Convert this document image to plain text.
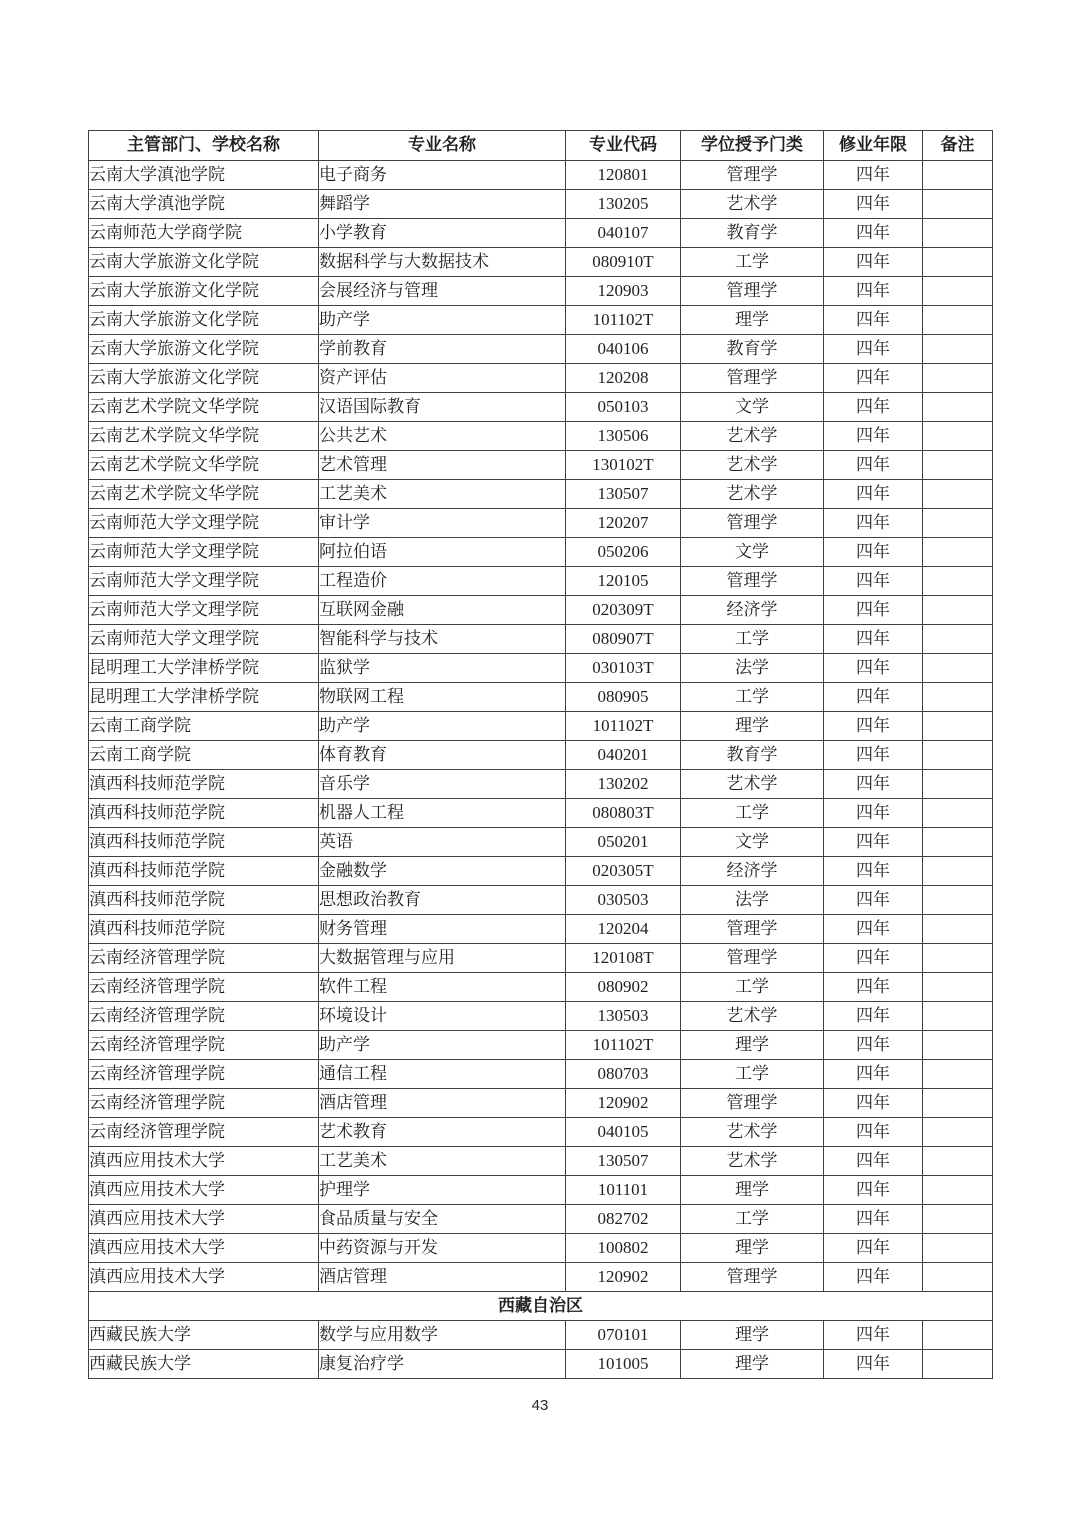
主管部门、学校名称	专业名称	专业代码	学位授予门类	修业年限	备注
云南大学滇池学院	电子商务	120801	管理学	四年	
云南大学滇池学院	舞蹈学	130205	艺术学	四年	
云南师范大学商学院	小学教育	040107	教育学	四年	
云南大学旅游文化学院	数据科学与大数据技术	080910T	工学	四年	
云南大学旅游文化学院	会展经济与管理	120903	管理学	四年	
云南大学旅游文化学院	助产学	101102T	理学	四年	
云南大学旅游文化学院	学前教育	040106	教育学	四年	
云南大学旅游文化学院	资产评估	120208	管理学	四年	
云南艺术学院文华学院	汉语国际教育	050103	文学	四年	
云南艺术学院文华学院	公共艺术	130506	艺术学	四年	
云南艺术学院文华学院	艺术管理	130102T	艺术学	四年	
云南艺术学院文华学院	工艺美术	130507	艺术学	四年	
云南师范大学文理学院	审计学	120207	管理学	四年	
云南师范大学文理学院	阿拉伯语	050206	文学	四年	
云南师范大学文理学院	工程造价	120105	管理学	四年	
云南师范大学文理学院	互联网金融	020309T	经济学	四年	
云南师范大学文理学院	智能科学与技术	080907T	工学	四年	
昆明理工大学津桥学院	监狱学	030103T	法学	四年	
昆明理工大学津桥学院	物联网工程	080905	工学	四年	
云南工商学院	助产学	101102T	理学	四年	
云南工商学院	体育教育	040201	教育学	四年	
滇西科技师范学院	音乐学	130202	艺术学	四年	
滇西科技师范学院	机器人工程	080803T	工学	四年	
滇西科技师范学院	英语	050201	文学	四年	
滇西科技师范学院	金融数学	020305T	经济学	四年	
滇西科技师范学院	思想政治教育	030503	法学	四年	
滇西科技师范学院	财务管理	120204	管理学	四年	
云南经济管理学院	大数据管理与应用	120108T	管理学	四年	
云南经济管理学院	软件工程	080902	工学	四年	
云南经济管理学院	环境设计	130503	艺术学	四年	
云南经济管理学院	助产学	101102T	理学	四年	
云南经济管理学院	通信工程	080703	工学	四年	
云南经济管理学院	酒店管理	120902	管理学	四年	
云南经济管理学院	艺术教育	040105	艺术学	四年	
滇西应用技术大学	工艺美术	130507	艺术学	四年	
滇西应用技术大学	护理学	101101	理学	四年	
滇西应用技术大学	食品质量与安全	082702	工学	四年	
滇西应用技术大学	中药资源与开发	100802	理学	四年	
滇西应用技术大学	酒店管理	120902	管理学	四年	
西藏自治区					
西藏民族大学	数学与应用数学	070101	理学	四年	
西藏民族大学	康复治疗学	101005	理学	四年	
43
